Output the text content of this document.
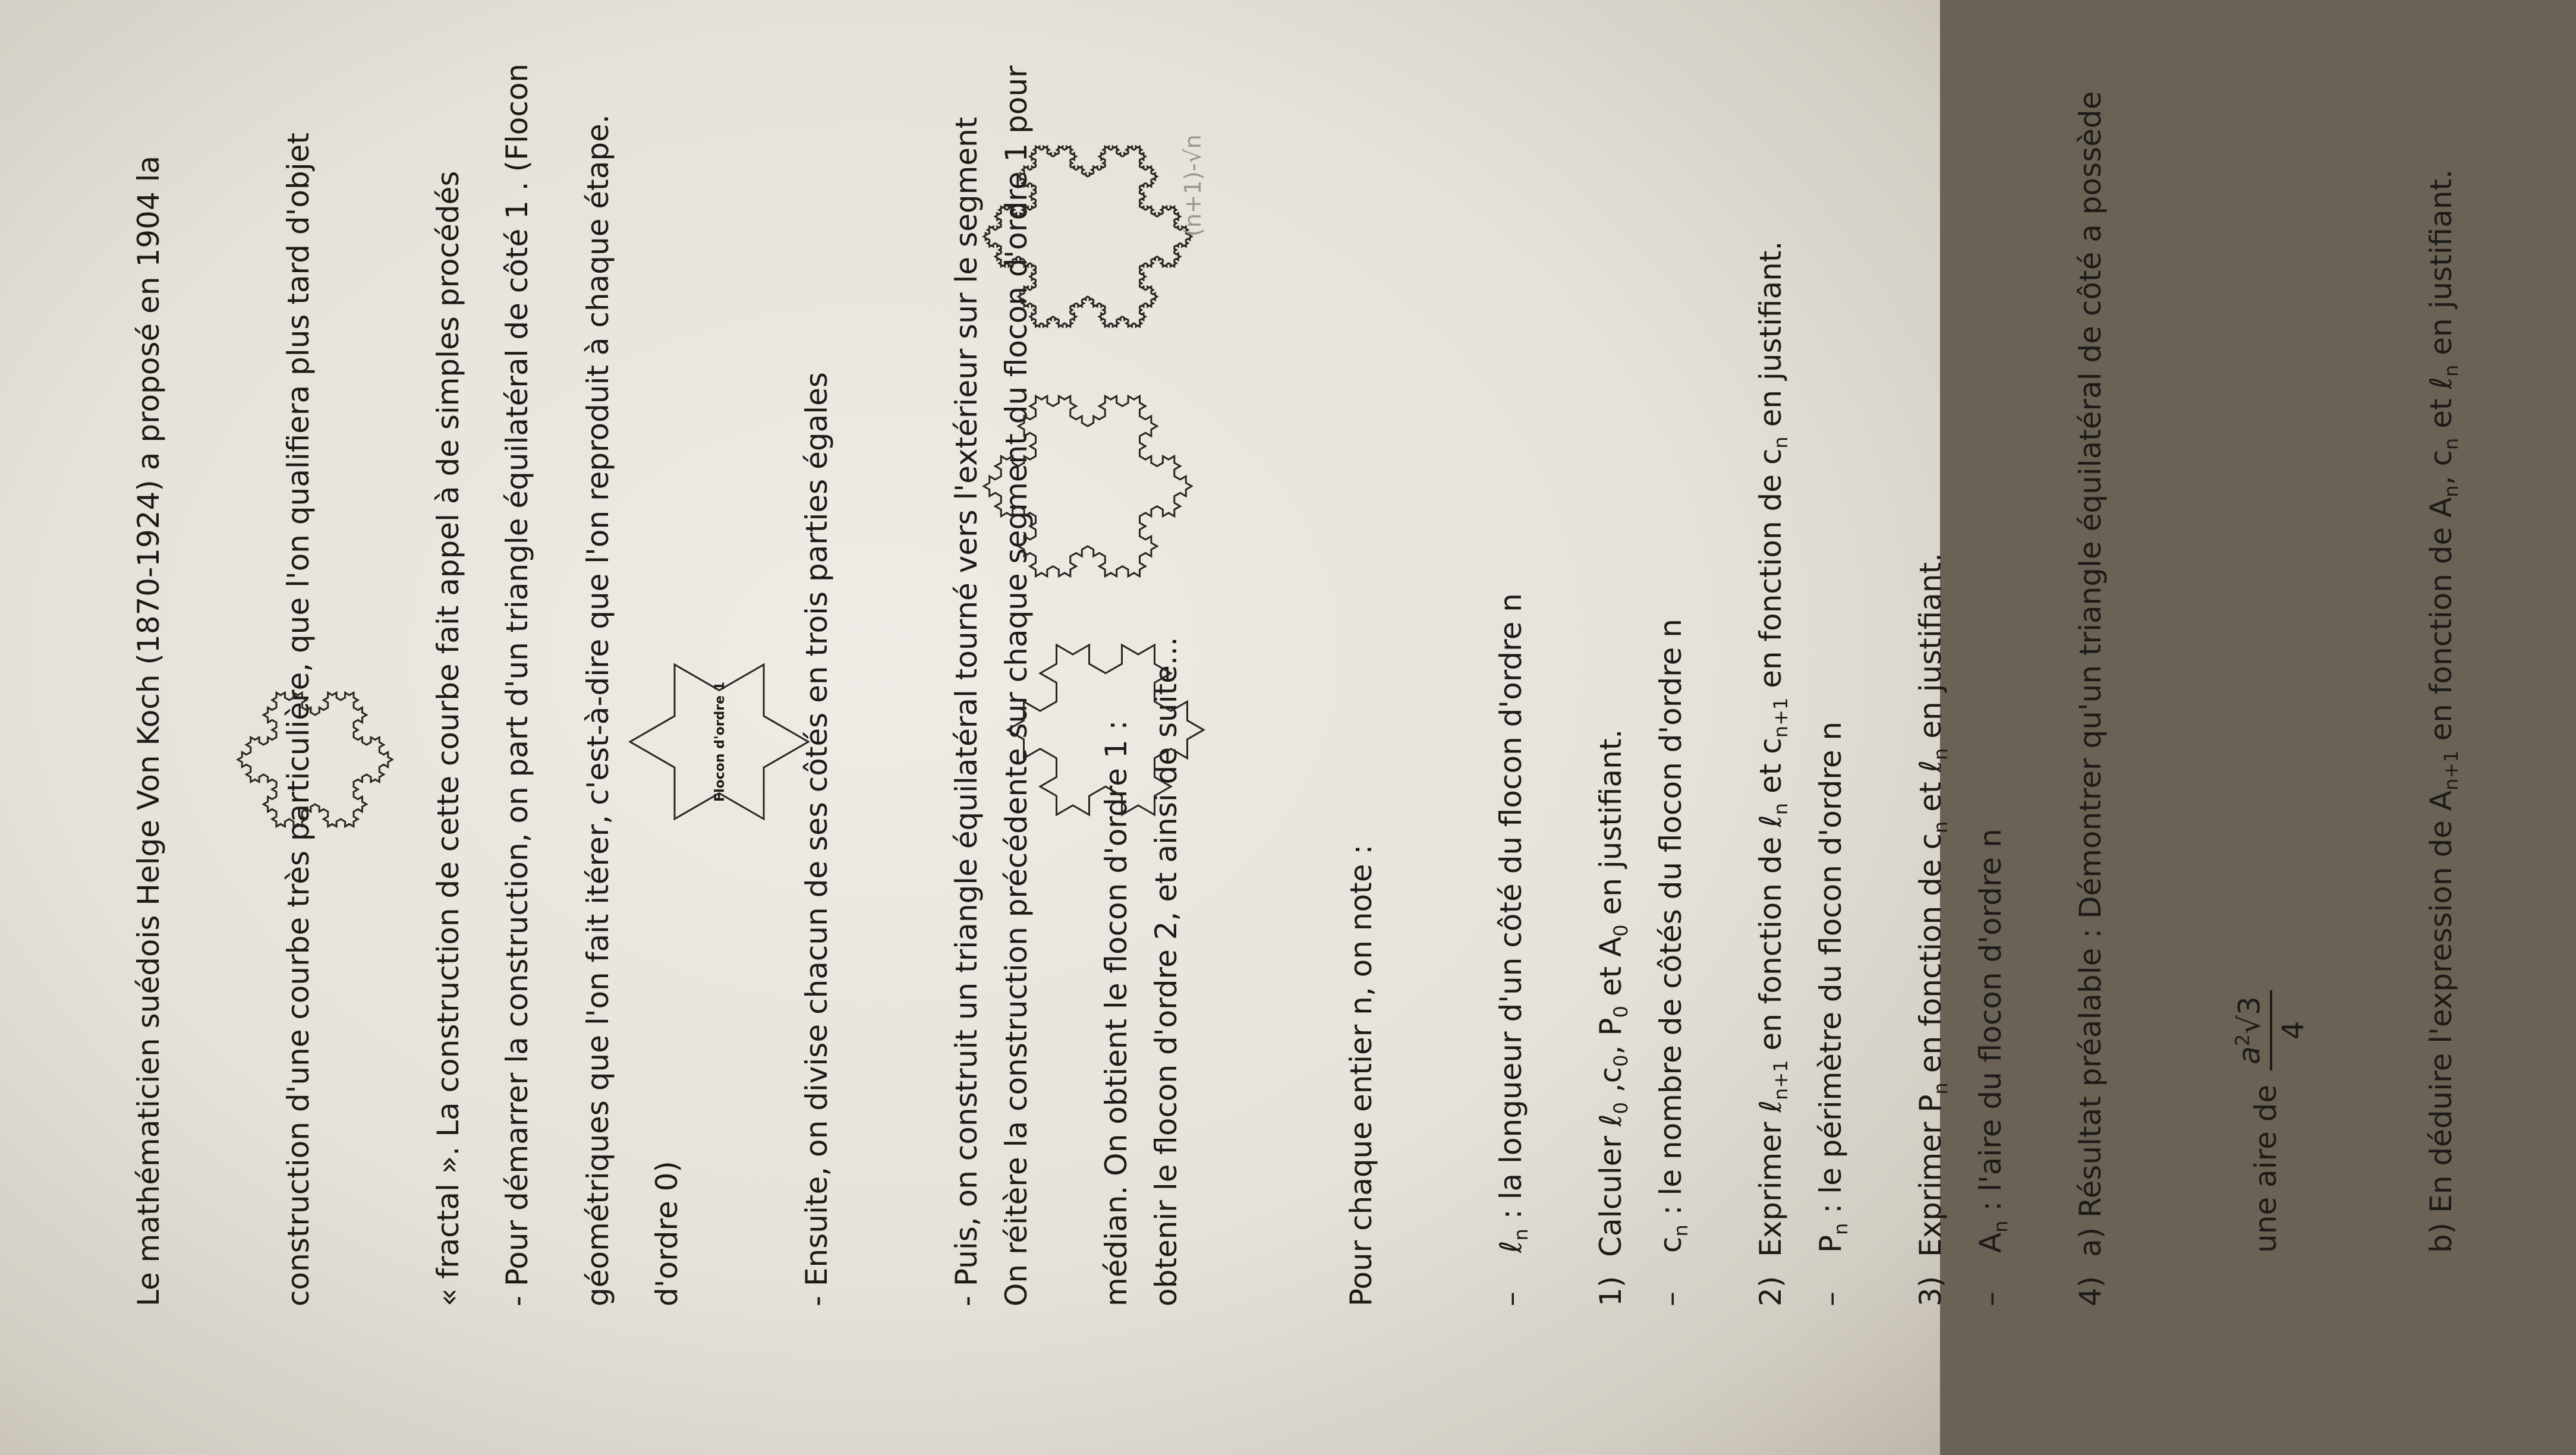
Le mathématicien suédois Helge Von Koch (1870-1924) a proposé en 1904 la

	construction d'une courbe très particulière, que l'on qualifiera plus tard d'objet

	« fractal ». La construction de cette courbe fait appel à de simples procédés

	géométriques que l'on fait itérer, c'est-à-dire que l'on reproduit à chaque étape.

- Pour démarrer la construction, on part d'un triangle équilatéral de côté 1 . (Flocon

	d'ordre 0)

	- Ensuite, on divise chacun de ses côtés en trois parties égales

	- Puis, on construit un triangle équilatéral tourné vers l'extérieur sur le segment

	médian. On obtient le flocon d'ordre 1 :

Flocon d'ordre 1

	On réitère la construction précédente sur chaque segment du flocon d'ordre 1 pour

	obtenir le flocon d'ordre 2, et ainsi de suite...

(n+1)-√n

Pour chaque entier n, on note :

	–ℓ$_n$ : la longueur d'un côté du flocon d'ordre n

$-c_n$ : le nombre de côtés du flocon d'ordre n

$-P_n$ : le périmètre du flocon d'ordre n

$-A_n$ : l'aire du flocon d'ordre n

1)  Calculer ℓ$_0$ $,c_0$, $P_0$ et $A_0$ en justifiant.

2)  Exprimer ℓ$_{n+1}$ en fonction de ℓ$_n$ et $c_{n+1}$ en fonction de $c_n$ en justifiant.

3)  Exprimer $P_n$ en fonction de $c_n$ et ℓ$_n$ en justifiant.

4)  a) Résultat préalable : Démontrer qu'un triangle équilatéral de côté a possède

	une aire de
$a^2√3$ 4

	b) En déduire l'expression de $A_{n+1}$ en fonction de $A_n$, $c_n$ et ℓ$_n$ en justifiant.
